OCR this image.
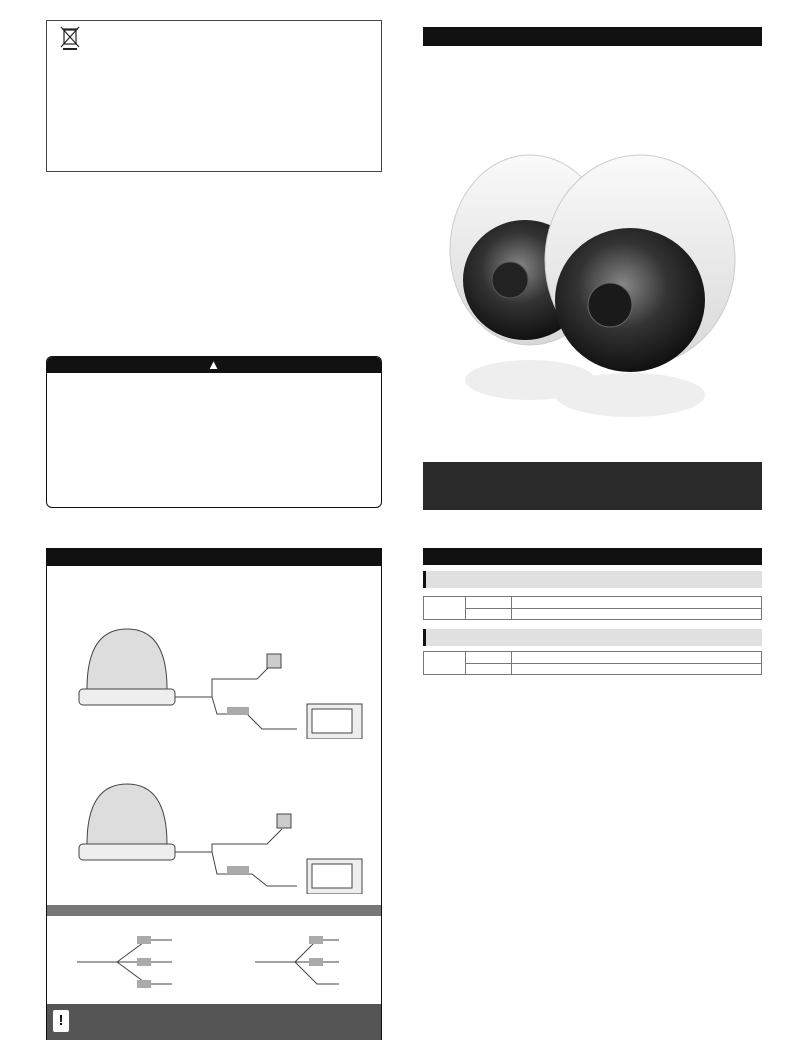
▲
!
